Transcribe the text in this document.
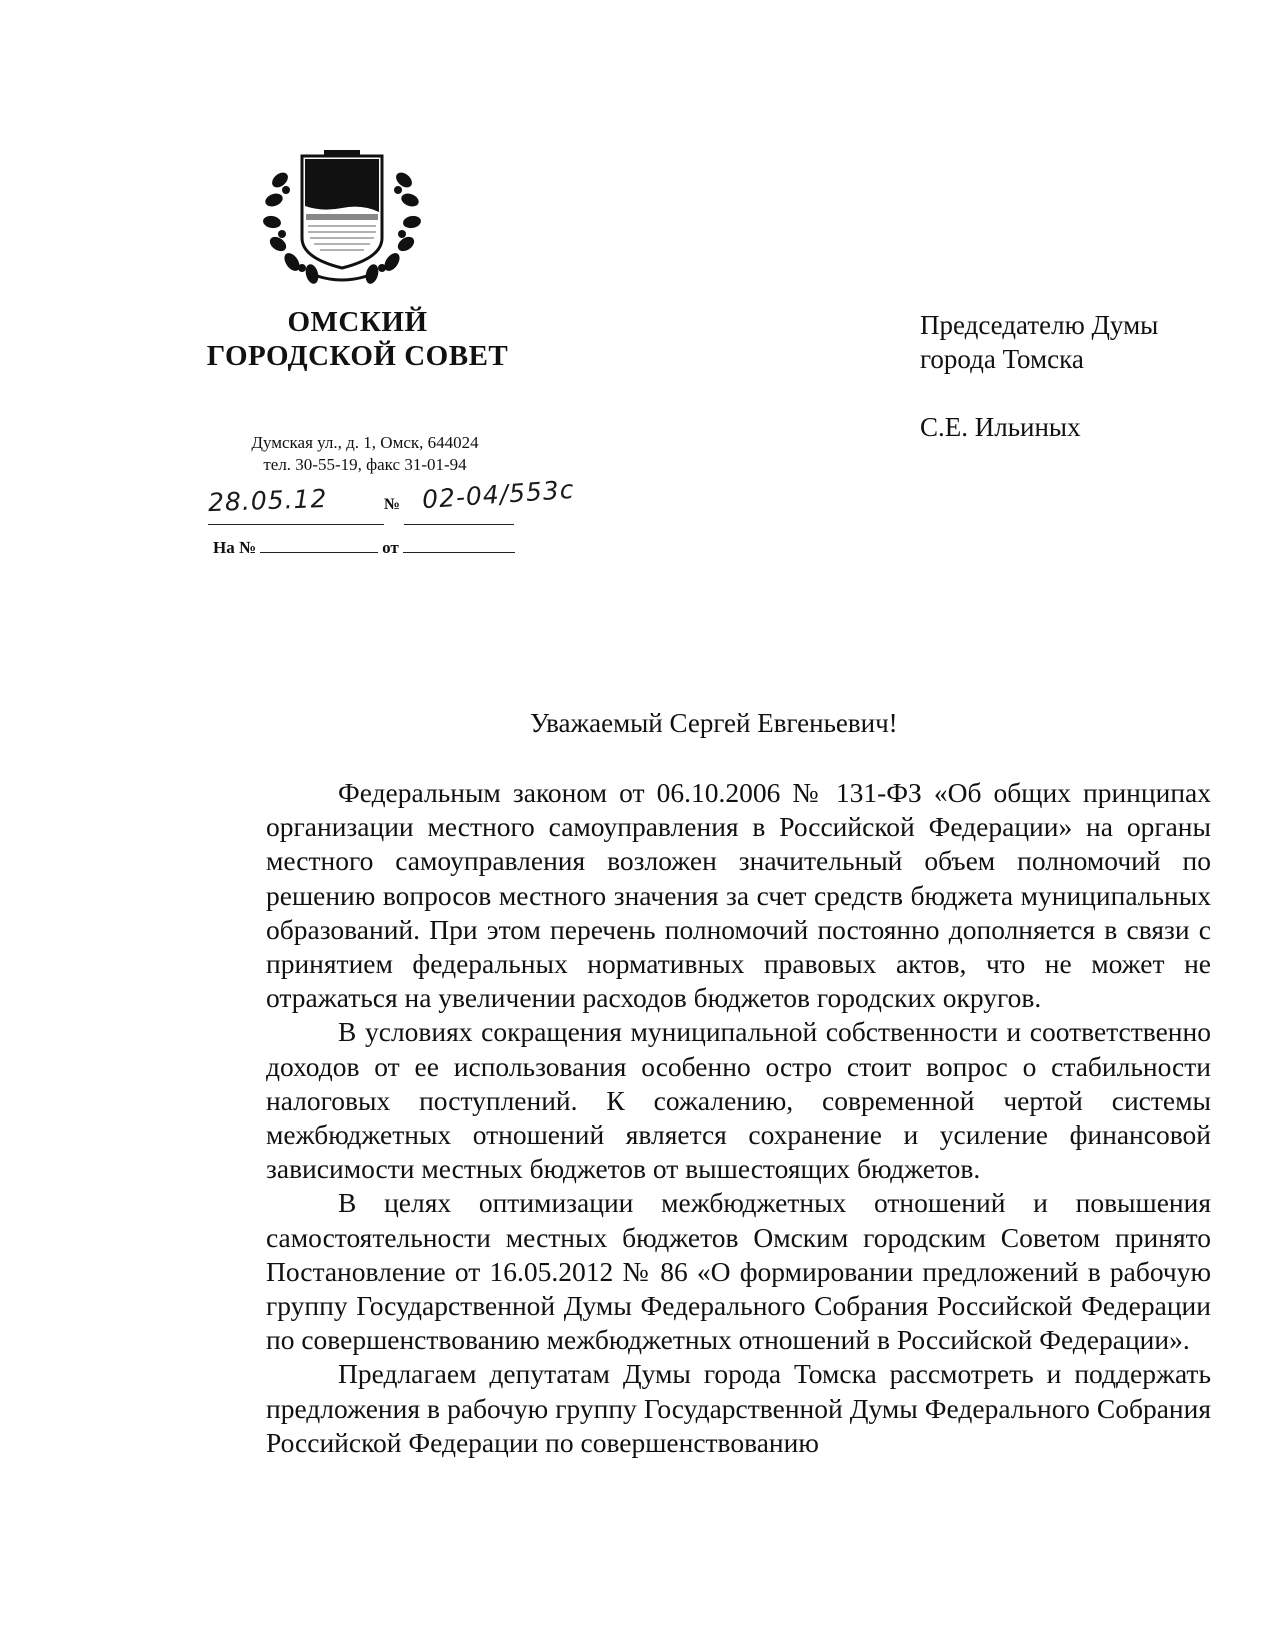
ОМСКИЙ
ГОРОДСКОЙ СОВЕТ
Думская ул., д. 1, Омск, 644024
тел. 30-55-19, факс 31-01-94
28.05.12	№ 02-04/553с
На №	от
Председателю Думы
города Томска
С.Е. Ильиных
Уважаемый Сергей Евгеньевич!

Федеральным законом от 06.10.2006 № 131-ФЗ «Об общих принципах организации местного самоуправления в Российской Федерации» на органы местного самоуправления возложен значительный объем полномочий по решению вопросов местного значения за счет средств бюджета муниципальных образований. При этом перечень полномочий постоянно дополняется в связи с принятием федеральных нормативных правовых актов, что не может не отражаться на увеличении расходов бюджетов городских округов.

В условиях сокращения муниципальной собственности и соответственно доходов от ее использования особенно остро стоит вопрос о стабильности налоговых поступлений. К сожалению, современной чертой системы межбюджетных отношений является сохранение и усиление финансовой зависимости местных бюджетов от вышестоящих бюджетов.

В целях оптимизации межбюджетных отношений и повышения самостоятельности местных бюджетов Омским городским Советом принято Постановление от 16.05.2012 № 86 «О формировании предложений в рабочую группу Государственной Думы Федерального Собрания Российской Федерации по совершенствованию межбюджетных отношений в Российской Федерации».

Предлагаем депутатам Думы города Томска рассмотреть и поддержать предложения в рабочую группу Государственной Думы Федерального Собрания Российской Федерации по совершенствованию
